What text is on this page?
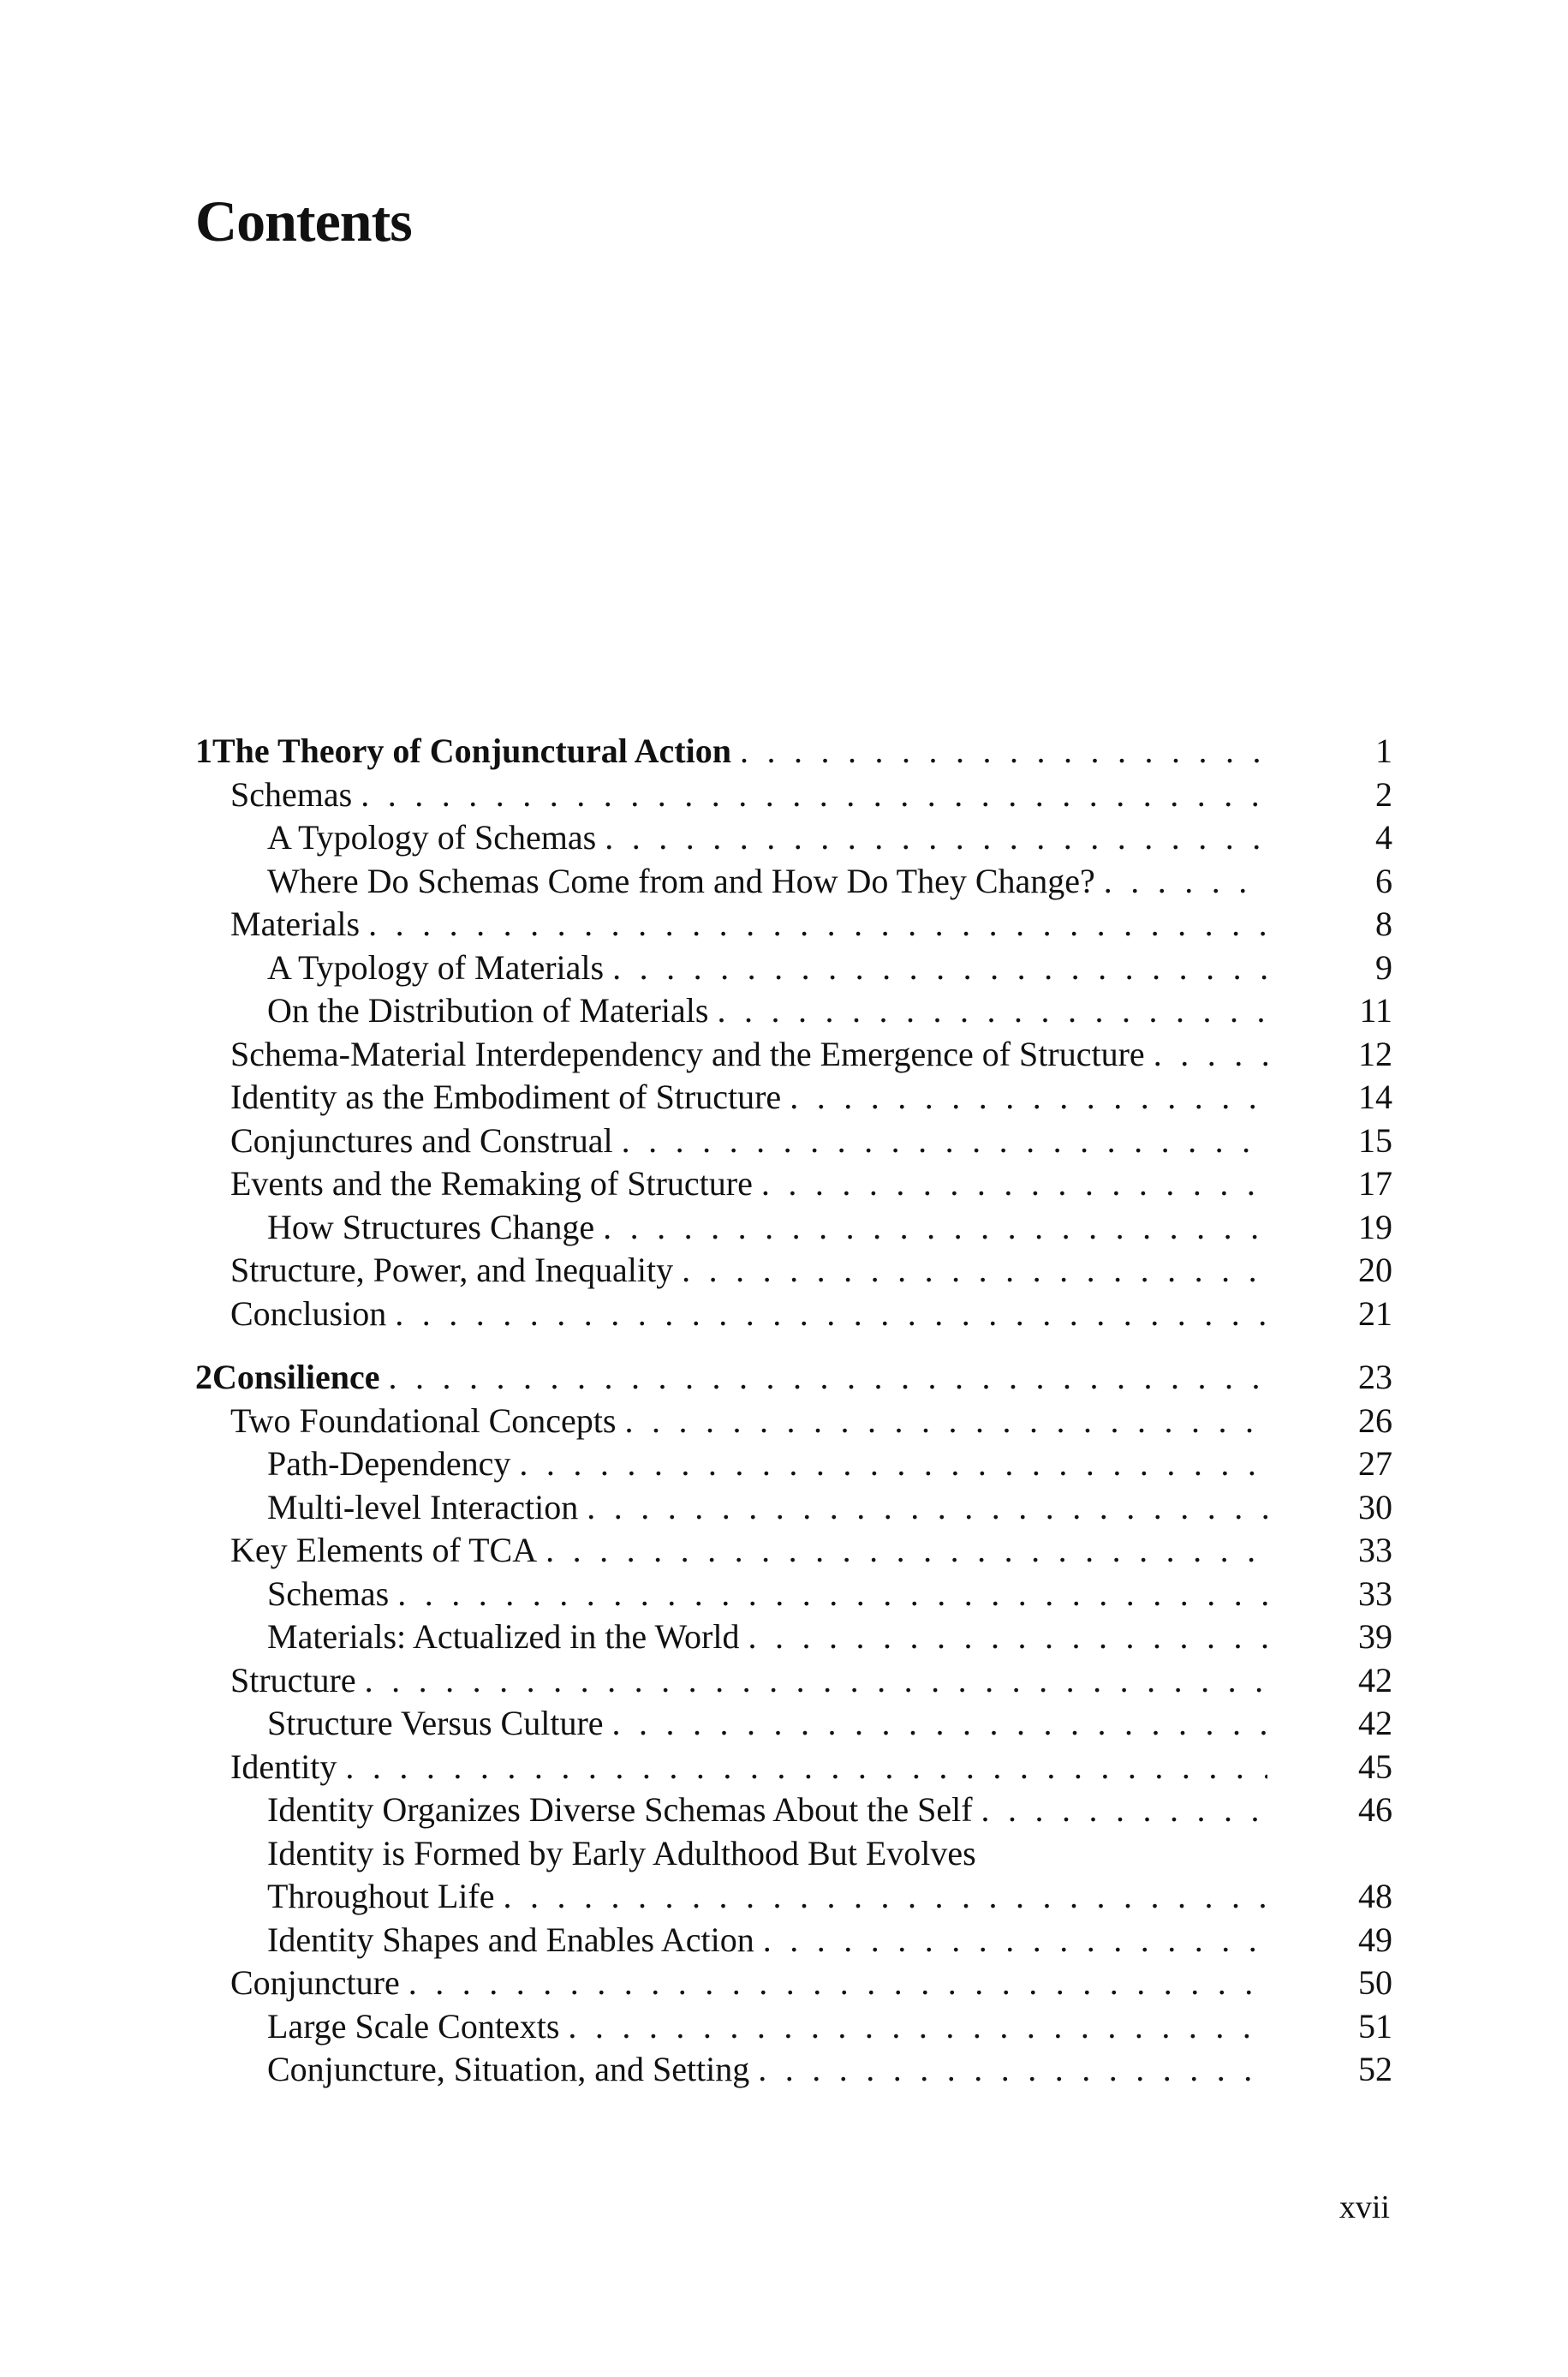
Contents
1 The Theory of Conjunctural Action . . .	1
Schemas . . .	2
A Typology of Schemas . . .	4
Where Do Schemas Come from and How Do They Change? . . .	6
Materials . . .	8
A Typology of Materials . . .	9
On the Distribution of Materials . . .	11
Schema-Material Interdependency and the Emergence of Structure . . .	12
Identity as the Embodiment of Structure . . .	14
Conjunctures and Construal . . .	15
Events and the Remaking of Structure . . .	17
How Structures Change . . .	19
Structure, Power, and Inequality . . .	20
Conclusion . . .	21
2 Consilience . . .	23
Two Foundational Concepts . . .	26
Path-Dependency . . .	27
Multi-level Interaction . . .	30
Key Elements of TCA . . .	33
Schemas . . .	33
Materials: Actualized in the World . . .	39
Structure . . .	42
Structure Versus Culture . . .	42
Identity . . .	45
Identity Organizes Diverse Schemas About the Self . . .	46
Identity is Formed by Early Adulthood But Evolves
Throughout Life . . .	48
Identity Shapes and Enables Action . . .	49
Conjuncture . . .	50
Large Scale Contexts . . .	51
Conjuncture, Situation, and Setting . . .	52
xvii
